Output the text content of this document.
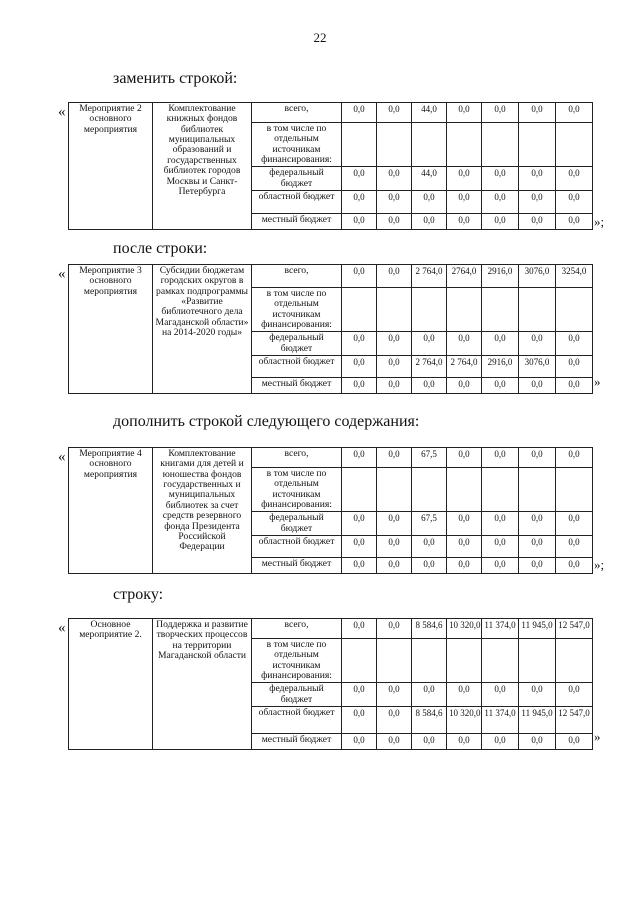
22
заменить строкой:
« Мероприятие 2 основного мероприятия	Комплектование книжных фондов библиотек муниципальных образований и государственных библиотек городов Москвы и Санкт-Петербурга	всего,	0,0	0,0	44,0	0,0	0,0	0,0	0,0
		в том числе по отдельным источникам финансирования:							
		федеральный бюджет	0,0	0,0	44,0	0,0	0,0	0,0	0,0
		областной бюджет	0,0	0,0	0,0	0,0	0,0	0,0	0,0
		местный бюджет	0,0	0,0	0,0	0,0	0,0	0,0	0,0 »;
после строки:
« Мероприятие 3 основного мероприятия	Субсидии бюджетам городских округов в рамках подпрограммы «Развитие библиотечного дела Магаданской области» на 2014-2020 годы»	всего,	0,0	0,0	2 764,0	2764,0	2916,0	3076,0	3254,0
		в том числе по отдельным источникам финансирования:							
		федеральный бюджет	0,0	0,0	0,0	0,0	0,0	0,0	0,0
		областной бюджет	0,0	0,0	2 764,0	2 764,0	2916,0	3076,0	0,0
		местный бюджет	0,0	0,0	0,0	0,0	0,0	0,0	0,0 »
дополнить строкой следующего содержания:
« Мероприятие 4 основного мероприятия	Комплектование книгами для детей и юношества фондов государственных и муниципальных библиотек за счет средств резервного фонда Президента Российской Федерации	всего,	0,0	0,0	67,5	0,0	0,0	0,0	0,0
		в том числе по отдельным источникам финансирования:							
		федеральный бюджет	0,0	0,0	67,5	0,0	0,0	0,0	0,0
		областной бюджет	0,0	0,0	0,0	0,0	0,0	0,0	0,0
		местный бюджет	0,0	0,0	0,0	0,0	0,0	0,0	0,0 »;
строку:
«	Основное мероприятие 2.	Поддержка и развитие творческих процессов на территории Магаданской области	всего,	0,0	0,0	8 584,6	10 320,0	11 374,0	11 945,0	12 547,0
		в том числе по отдельным источникам финансирования:							
		федеральный бюджет	0,0	0,0	0,0	0,0	0,0	0,0	0,0
		областной бюджет	0,0	0,0	8 584,6	10 320,0	11 374,0	11 945,0	12 547,0
		местный бюджет	0,0	0,0	0,0	0,0	0,0	0,0	0,0 »
